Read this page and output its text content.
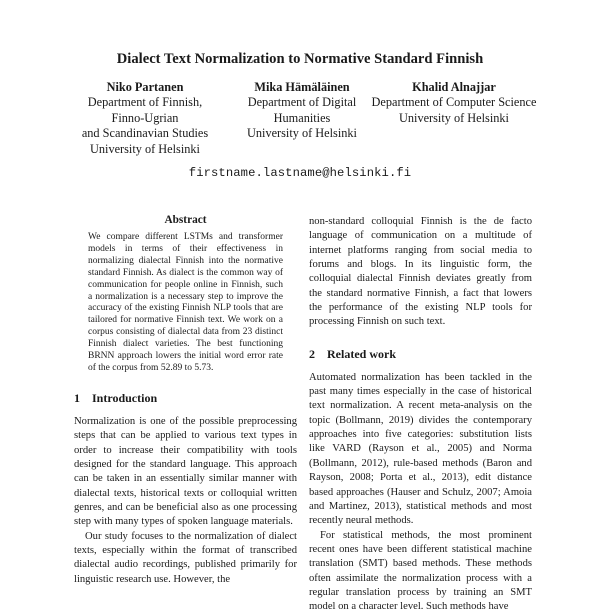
Dialect Text Normalization to Normative Standard Finnish
Niko Partanen
Department of Finnish,
Finno-Ugrian
and Scandinavian Studies
University of Helsinki
Mika Hämäläinen
Department of Digital
Humanities
University of Helsinki
Khalid Alnajjar
Department of Computer Science
University of Helsinki
firstname.lastname@helsinki.fi
Abstract

We compare different LSTMs and transformer models in terms of their effectiveness in normalizing dialectal Finnish into the normative standard Finnish. As dialect is the common way of communication for people online in Finnish, such a normalization is a necessary step to improve the accuracy of the existing Finnish NLP tools that are tailored for normative Finnish text. We work on a corpus consisting of dialectal data from 23 distinct Finnish dialect varieties. The best functioning BRNN approach lowers the initial word error rate of the corpus from 52.89 to 5.73.

1 Introduction

Normalization is one of the possible preprocessing steps that can be applied to various text types in order to increase their compatibility with tools designed for the standard language. This approach can be taken in an essentially similar manner with dialectal texts, historical texts or colloquial written genres, and can be beneficial also as one processing step with many types of spoken language materials.

Our study focuses to the normalization of dialect texts, especially within the format of transcribed dialectal audio recordings, published primarily for linguistic research use. However, the

non-standard colloquial Finnish is the de facto language of communication on a multitude of internet platforms ranging from social media to forums and blogs. In its linguistic form, the colloquial dialectal Finnish deviates greatly from the standard normative Finnish, a fact that lowers the performance of the existing NLP tools for processing Finnish on such text.

2 Related work

Automated normalization has been tackled in the past many times especially in the case of historical text normalization. A recent meta-analysis on the topic (Bollmann, 2019) divides the contemporary approaches into five categories: substitution lists like VARD (Rayson et al., 2005) and Norma (Bollmann, 2012), rule-based methods (Baron and Rayson, 2008; Porta et al., 2013), edit distance based approaches (Hauser and Schulz, 2007; Amoia and Martinez, 2013), statistical methods and most recently neural methods.

For statistical methods, the most prominent recent ones have been different statistical machine translation (SMT) based methods. These methods often assimilate the normalization process with a regular translation process by training an SMT model on a character level. Such methods have
